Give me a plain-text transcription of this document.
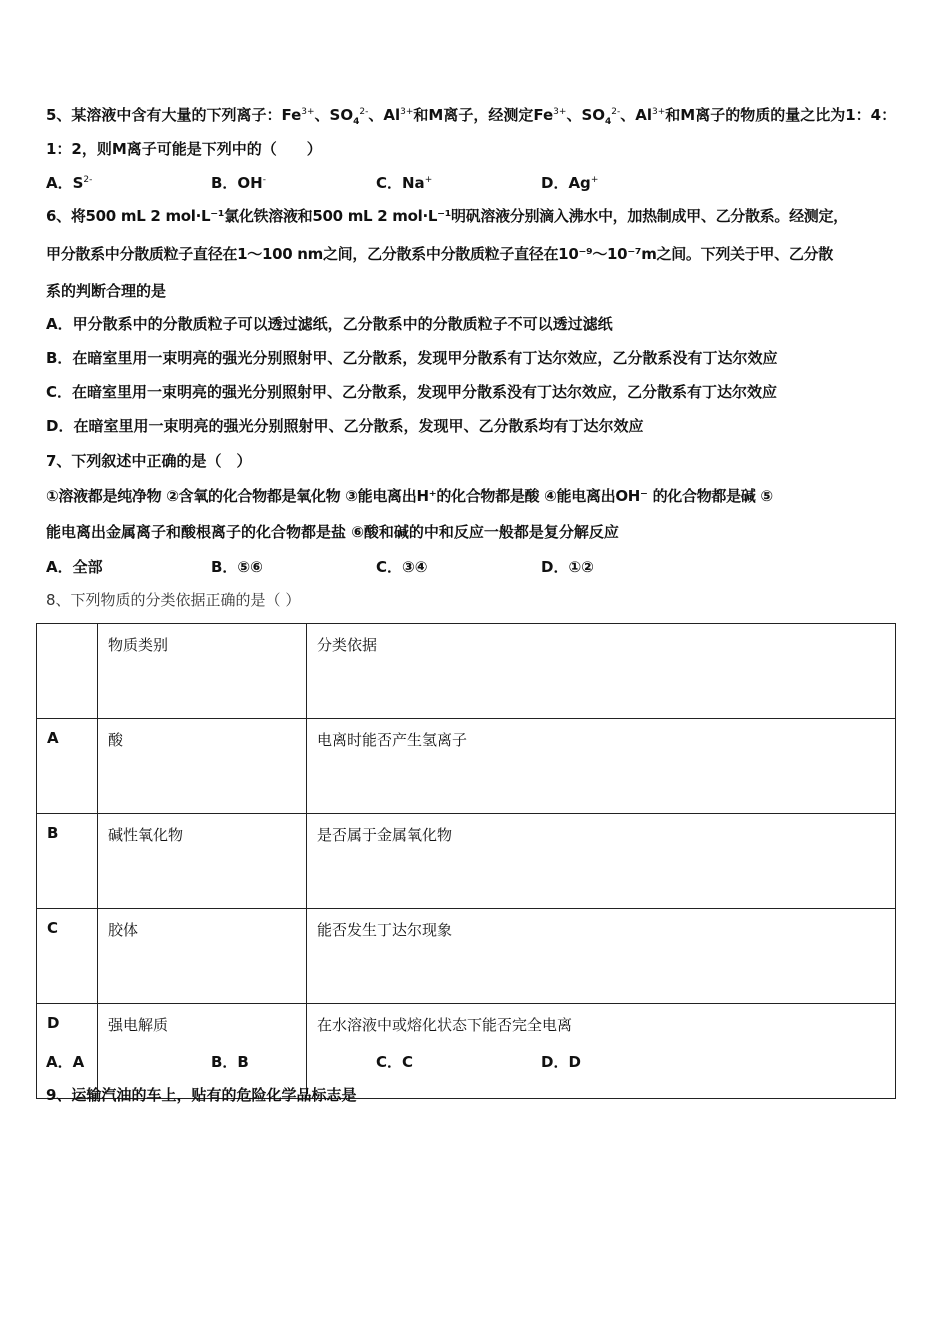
5、某溶液中含有大量的下列离子：$Fe^{3+}$、$SO_4^{2-}$、$Al^{3+}$和M离子，经测定$Fe^{3+}$、$SO_4^{2-}$、$Al^{3+}$和M离子的物质的量之比为1：4：
1：2，则M离子可能是下列中的（　　）
A．$S^{2-}$	B．OH-	C．Na+	D．Ag+
6、将500 mL 2 mol·L⁻¹氯化铁溶液和500 mL 2 mol·L⁻¹明矾溶液分别滴入沸水中，加热制成甲、乙分散系。经测定，
甲分散系中分散质粒子直径在1～100 nm之间，乙分散系中分散质粒子直径在10⁻⁹～10⁻⁷m之间。下列关于甲、乙分散
系的判断合理的是
A．甲分散系中的分散质粒子可以透过滤纸，乙分散系中的分散质粒子不可以透过滤纸
B．在暗室里用一束明亮的强光分别照射甲、乙分散系，发现甲分散系有丁达尔效应，乙分散系没有丁达尔效应
C．在暗室里用一束明亮的强光分别照射甲、乙分散系，发现甲分散系没有丁达尔效应，乙分散系有丁达尔效应
D．在暗室里用一束明亮的强光分别照射甲、乙分散系，发现甲、乙分散系均有丁达尔效应
7、下列叙述中正确的是（　）
①溶液都是纯净物 ②含氧的化合物都是氧化物 ③能电离出H⁺的化合物都是酸 ④能电离出OH⁻ 的化合物都是碱 ⑤
能电离出金属离子和酸根离子的化合物都是盐 ⑥酸和碱的中和反应一般都是复分解反应
A．全部	B．⑤⑥	C．③④	D．①②
8、下列物质的分类依据正确的是（ ）
	物质类别	分类依据
A	酸	电离时能否产生氢离子
B	碱性氧化物	是否属于金属氧化物
C	胶体	能否发生丁达尔现象
D	强电解质	在水溶液中或熔化状态下能否完全电离
A．A	B．B	C．C	D．D
9、运输汽油的车上，贴有的危险化学品标志是
